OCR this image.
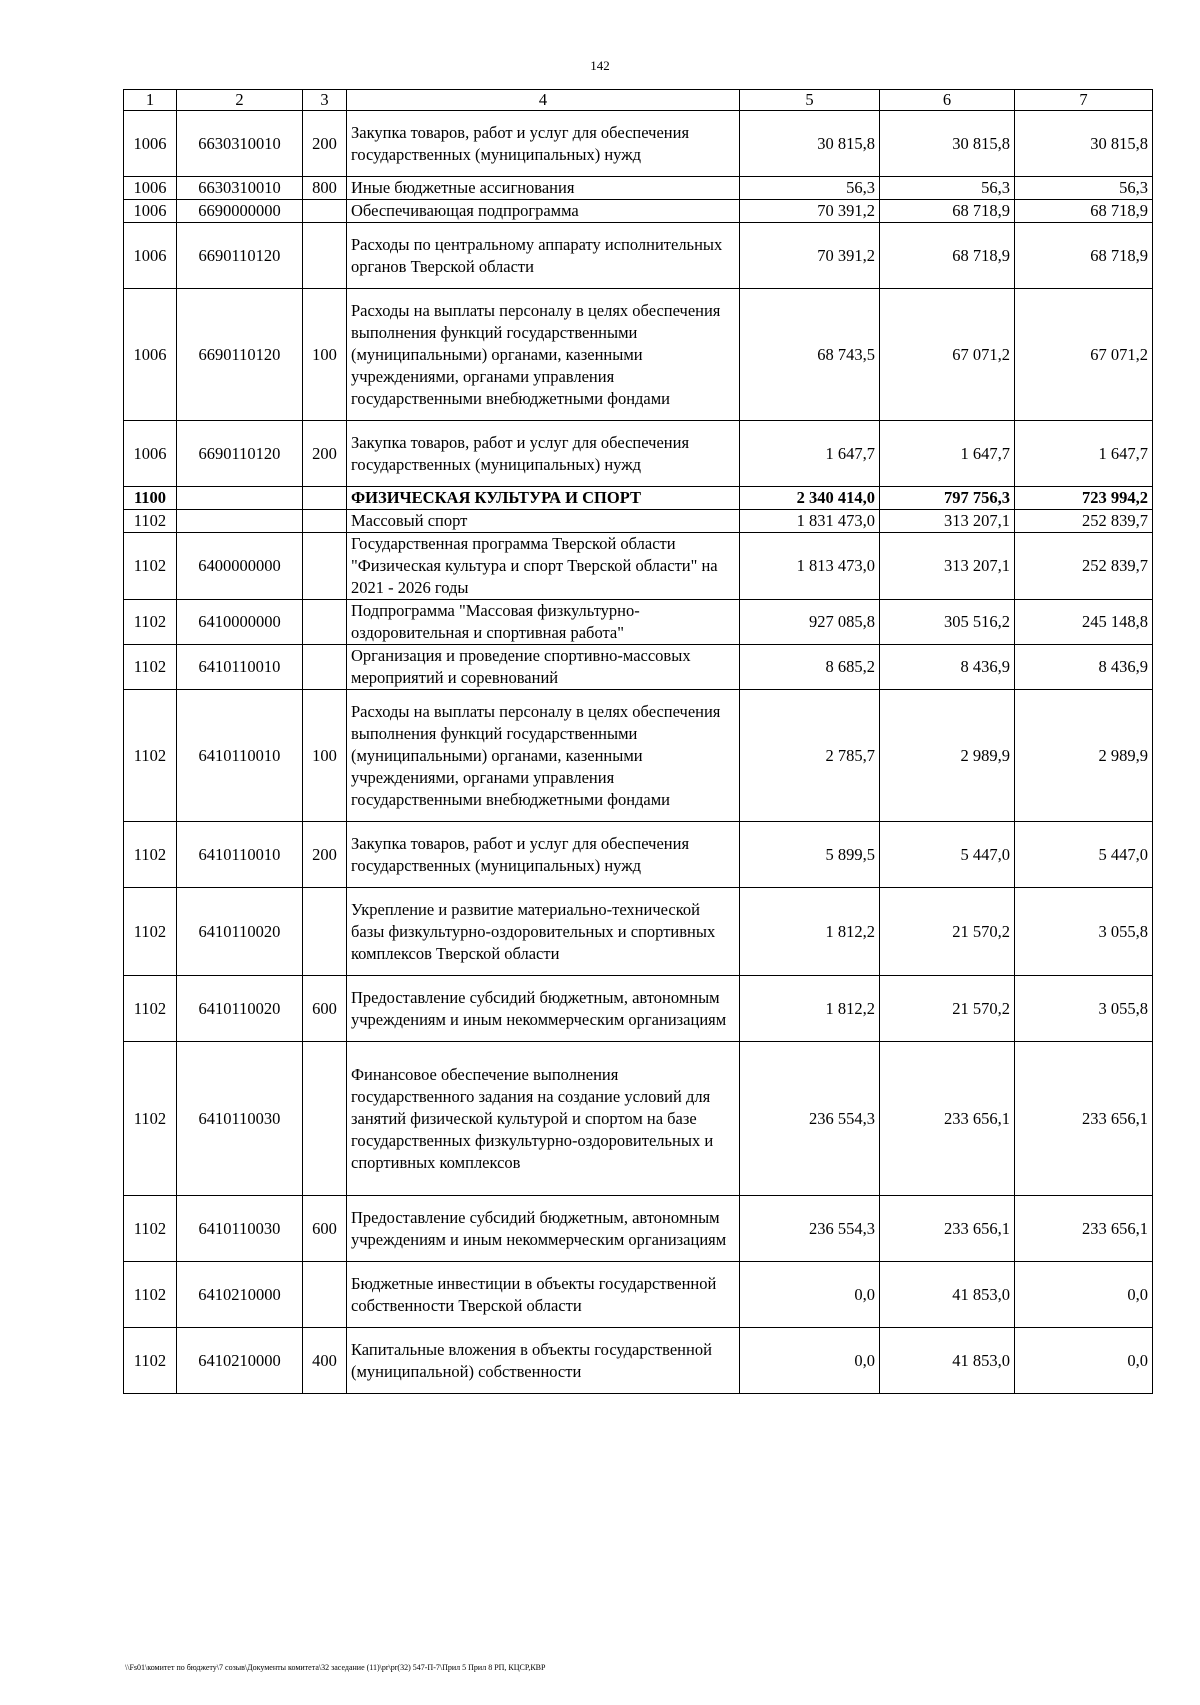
142
1	2	3	4	5	6	7
1006	6630310010	200	Закупка товаров, работ и услуг для обеспечения государственных (муниципальных) нужд	30 815,8	30 815,8	30 815,8
1006	6630310010	800	Иные бюджетные ассигнования	56,3	56,3	56,3
1006	6690000000		Обеспечивающая подпрограмма	70 391,2	68 718,9	68 718,9
1006	6690110120		Расходы по центральному аппарату исполнительных органов Тверской области	70 391,2	68 718,9	68 718,9
1006	6690110120	100	Расходы на выплаты персоналу в целях обеспечения выполнения функций государственными (муниципальными) органами, казенными учреждениями, органами управления государственными внебюджетными фондами	68 743,5	67 071,2	67 071,2
1006	6690110120	200	Закупка товаров, работ и услуг для обеспечения государственных (муниципальных) нужд	1 647,7	1 647,7	1 647,7
1100			ФИЗИЧЕСКАЯ КУЛЬТУРА И СПОРТ	2 340 414,0	797 756,3	723 994,2
1102			Массовый спорт	1 831 473,0	313 207,1	252 839,7
1102	6400000000		Государственная программа Тверской области "Физическая культура и спорт Тверской области" на 2021 - 2026 годы	1 813 473,0	313 207,1	252 839,7
1102	6410000000		Подпрограмма "Массовая физкультурно-оздоровительная и спортивная работа"	927 085,8	305 516,2	245 148,8
1102	6410110010		Организация и проведение спортивно-массовых мероприятий и соревнований	8 685,2	8 436,9	8 436,9
1102	6410110010	100	Расходы на выплаты персоналу в целях обеспечения выполнения функций государственными (муниципальными) органами, казенными учреждениями, органами управления государственными внебюджетными фондами	2 785,7	2 989,9	2 989,9
1102	6410110010	200	Закупка товаров, работ и услуг для обеспечения государственных (муниципальных) нужд	5 899,5	5 447,0	5 447,0
1102	6410110020		Укрепление и развитие материально-технической базы физкультурно-оздоровительных и спортивных комплексов Тверской области	1 812,2	21 570,2	3 055,8
1102	6410110020	600	Предоставление субсидий бюджетным, автономным учреждениям и иным некоммерческим организациям	1 812,2	21 570,2	3 055,8
1102	6410110030		Финансовое обеспечение выполнения государственного задания на создание условий для занятий физической культурой и спортом на базе государственных физкультурно-оздоровительных и спортивных комплексов	236 554,3	233 656,1	233 656,1
1102	6410110030	600	Предоставление субсидий бюджетным, автономным учреждениям и иным некоммерческим организациям	236 554,3	233 656,1	233 656,1
1102	6410210000		Бюджетные инвестиции в объекты государственной собственности Тверской области	0,0	41 853,0	0,0
1102	6410210000	400	Капитальные вложения в объекты государственной (муниципальной) собственности	0,0	41 853,0	0,0
\\Fs01\комитет по бюджету\7 созыв\Документы комитета\32 заседание (11)\pr\pr(32) 547-П-7\Прил 5 Прил 8 РП, КЦСР,КВР
